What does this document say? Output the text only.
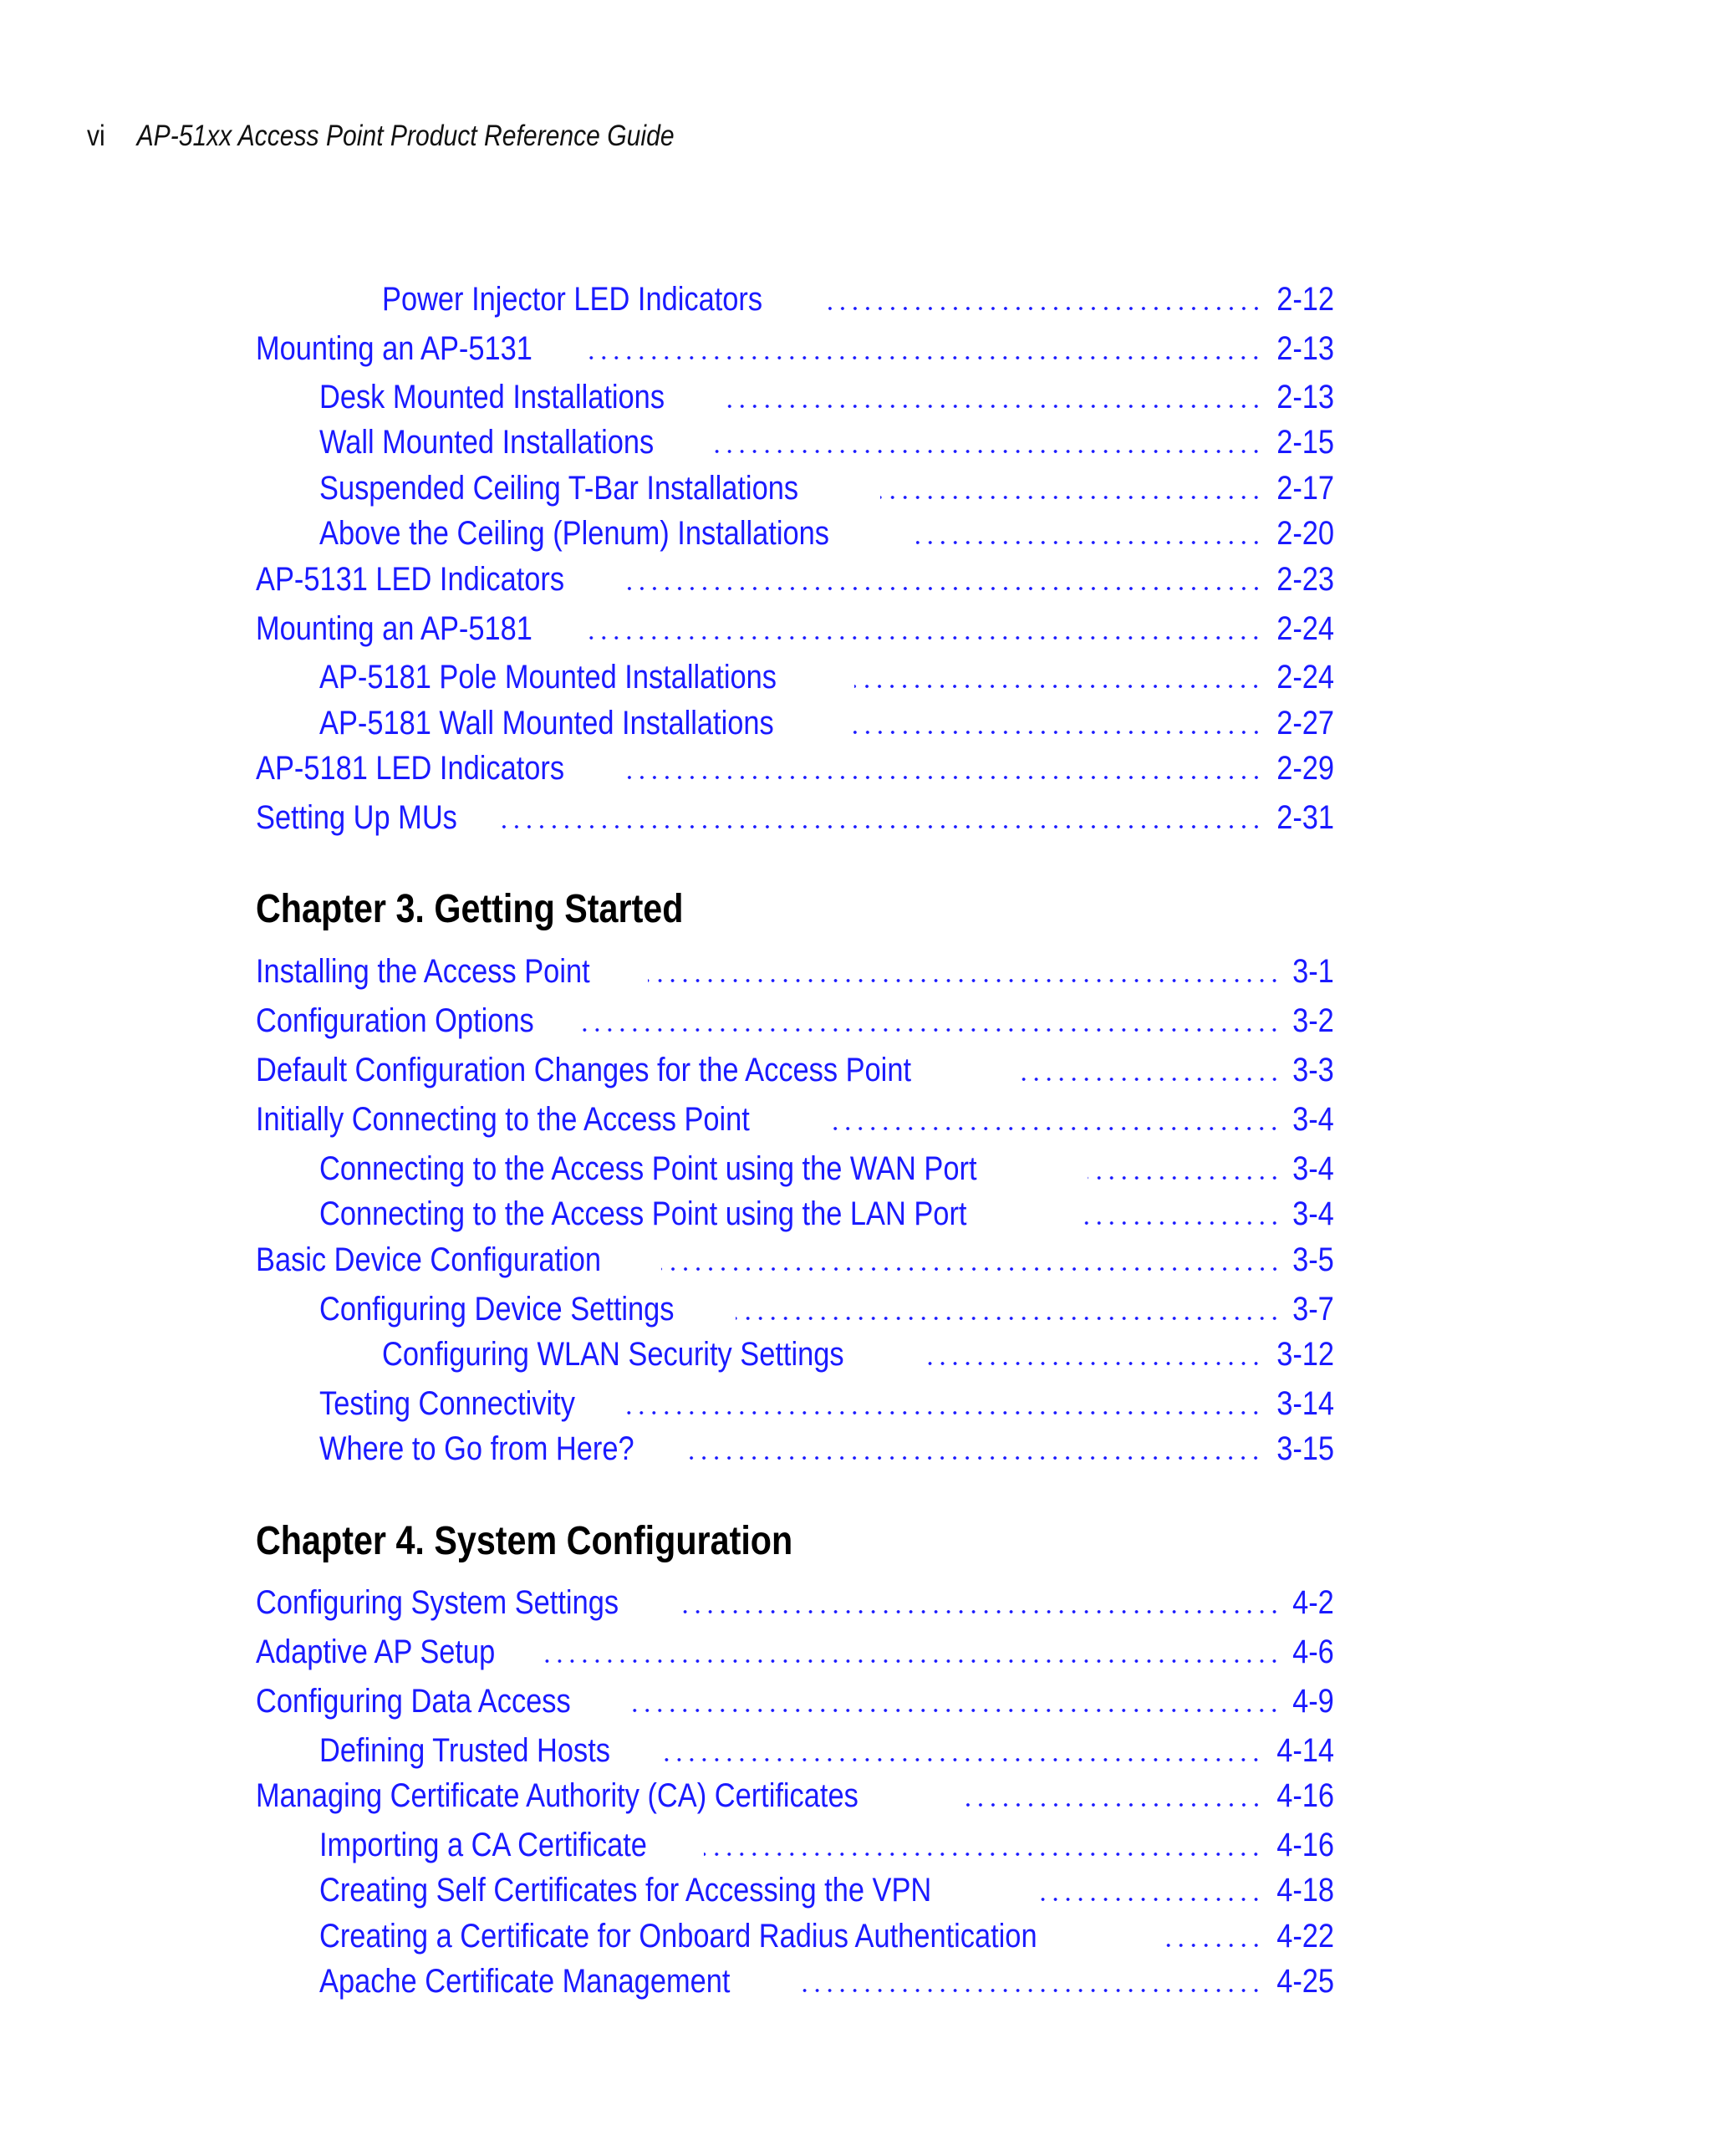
vi AP-51xx Access Point Product Reference Guide
Power Injector LED Indicators	2-12
Mounting an AP-5131	2-13
Desk Mounted Installations	2-13
Wall Mounted Installations	2-15
Suspended Ceiling T-Bar Installations	2-17
Above the Ceiling (Plenum) Installations	2-20
AP-5131 LED Indicators	2-23
Mounting an AP-5181	2-24
AP-5181 Pole Mounted Installations	2-24
AP-5181 Wall Mounted Installations	2-27
AP-5181 LED Indicators	2-29
Setting Up MUs	2-31
Chapter 3. Getting Started
Installing the Access Point	3-1
Configuration Options	3-2
Default Configuration Changes for the Access Point	3-3
Initially Connecting to the Access Point	3-4
Connecting to the Access Point using the WAN Port	3-4
Connecting to the Access Point using the LAN Port	3-4
Basic Device Configuration	3-5
Configuring Device Settings	3-7
Configuring WLAN Security Settings	3-12
Testing Connectivity	3-14
Where to Go from Here?	3-15
Chapter 4. System Configuration
Configuring System Settings	4-2
Adaptive AP Setup	4-6
Configuring Data Access	4-9
Defining Trusted Hosts	4-14
Managing Certificate Authority (CA) Certificates	4-16
Importing a CA Certificate	4-16
Creating Self Certificates for Accessing the VPN	4-18
Creating a Certificate for Onboard Radius Authentication	4-22
Apache Certificate Management	4-25
